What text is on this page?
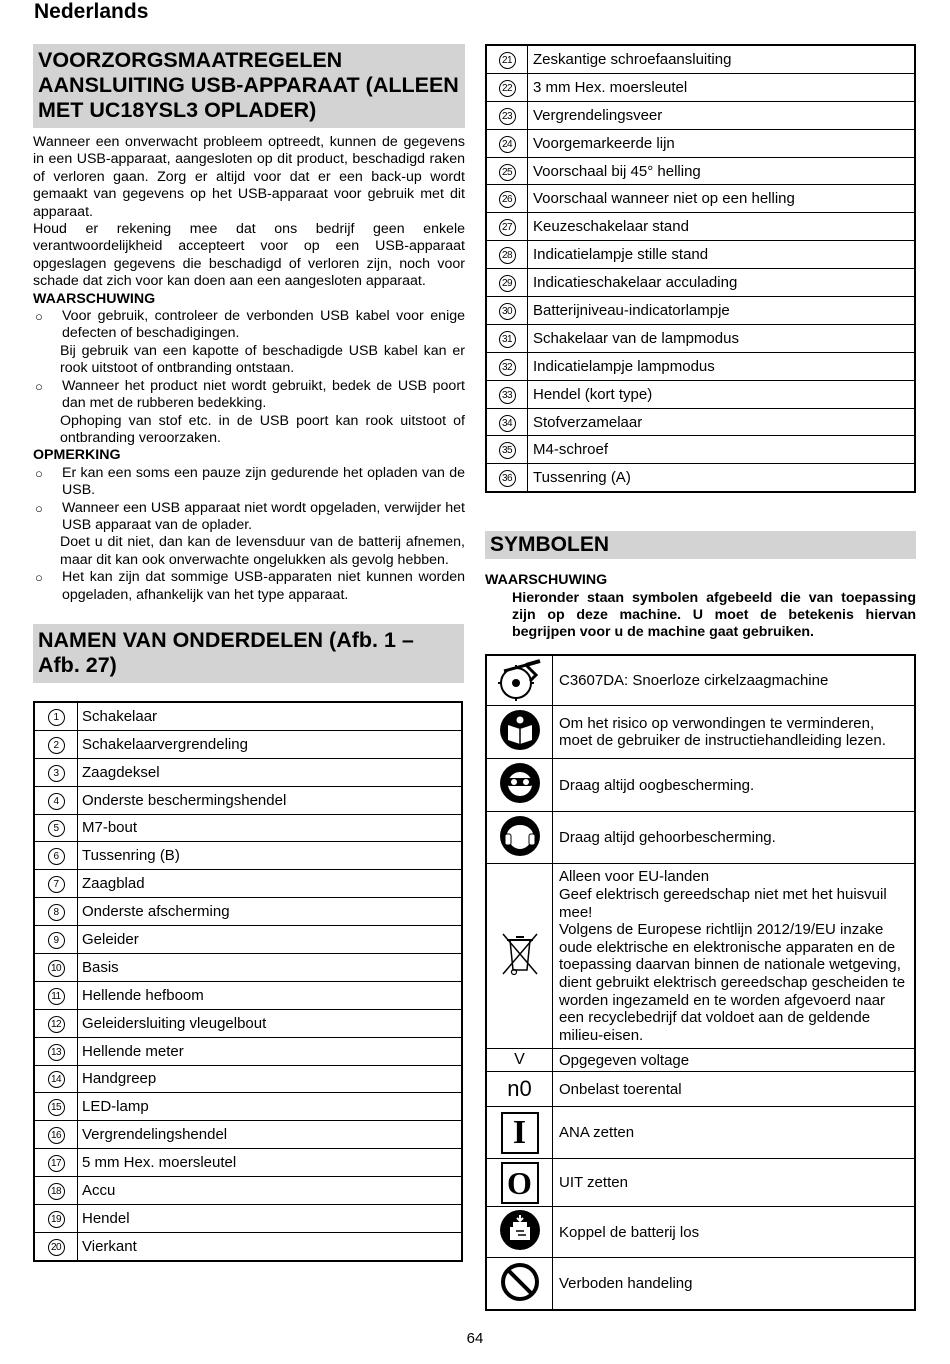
Nederlands
VOORZORGSMAATREGELEN AANSLUITING USB-APPARAAT (ALLEEN MET UC18YSL3 OPLADER)

Wanneer een onverwacht probleem optreedt, kunnen de gegevens in een USB-apparaat, aangesloten op dit product, beschadigd raken of verloren gaan. Zorg er altijd voor dat er een back-up wordt gemaakt van gegevens op het USB-apparaat voor gebruik met dit apparaat.

Houd er rekening mee dat ons bedrijf geen enkele verantwoordelijkheid accepteert voor op een USB-apparaat opgeslagen gegevens die beschadigd of verloren zijn, noch voor schade dat zich voor kan doen aan een aangesloten apparaat.

WAARSCHUWING

○	Voor gebruik, controleer de verbonden USB kabel voor enige defecten of beschadigingen.
Bij gebruik van een kapotte of beschadigde USB kabel kan er rook uitstoot of ontbranding ontstaan.
○	Wanneer het product niet wordt gebruikt, bedek de USB poort dan met de rubberen bedekking.
Ophoping van stof etc. in de USB poort kan rook uitstoot of ontbranding veroorzaken.

OPMERKING

○	Er kan een soms een pauze zijn gedurende het opladen van de USB.
○	Wanneer een USB apparaat niet wordt opgeladen, verwijder het USB apparaat van de oplader.
Doet u dit niet, dan kan de levensduur van de batterij afnemen, maar dit kan ook onverwachte ongelukken als gevolg hebben.
○	Het kan zijn dat sommige USB-apparaten niet kunnen worden opgeladen, afhankelijk van het type apparaat.
NAMEN VAN ONDERDELEN (Afb. 1 – Afb. 27)
1	Schakelaar
2	Schakelaarvergrendeling
3	Zaagdeksel
4	Onderste beschermingshendel
5	M7-bout
6	Tussenring (B)
7	Zaagblad
8	Onderste afscherming
9	Geleider
10	Basis
11	Hellende hefboom
12	Geleidersluiting vleugelbout
13	Hellende meter
14	Handgreep
15	LED-lamp
16	Vergrendelingshendel
17	5 mm Hex. moersleutel
18	Accu
19	Hendel
20	Vierkant
21	Zeskantige schroefaansluiting
22	3 mm Hex. moersleutel
23	Vergrendelingsveer
24	Voorgemarkeerde lijn
25	Voorschaal bij 45° helling
26	Voorschaal wanneer niet op een helling
27	Keuzeschakelaar stand
28	Indicatielampje stille stand
29	Indicatieschakelaar acculading
30	Batterijniveau-indicatorlampje
31	Schakelaar van de lampmodus
32	Indicatielampje lampmodus
33	Hendel (kort type)
34	Stofverzamelaar
35	M4-schroef
36	Tussenring (A)
SYMBOLEN

WAARSCHUWING

Hieronder staan symbolen afgebeeld die van toepassing zijn op deze machine. U moet de betekenis hiervan begrijpen voor u de machine gaat gebruiken.

	C3607DA: Snoerloze cirkelzaagmachine
	Om het risico op verwondingen te verminderen, moet de gebruiker de instructiehandleiding lezen.
	Draag altijd oogbescherming.
	Draag altijd gehoorbescherming.
	Alleen voor EU-landen
Geef elektrisch gereedschap niet met het huisvuil mee!
Volgens de Europese richtlijn 2012/19/EU inzake oude elektrische en elektronische apparaten en de toepassing daarvan binnen de nationale wetgeving, dient gebruikt elektrisch gereedschap gescheiden te worden ingezameld en te worden afgevoerd naar een recyclebedrijf dat voldoet aan de geldende milieu-eisen.
V	Opgegeven voltage
n0	Onbelast toerental
I	ANA zetten
O	UIT zetten
	Koppel de batterij los
	Verboden handeling
64
